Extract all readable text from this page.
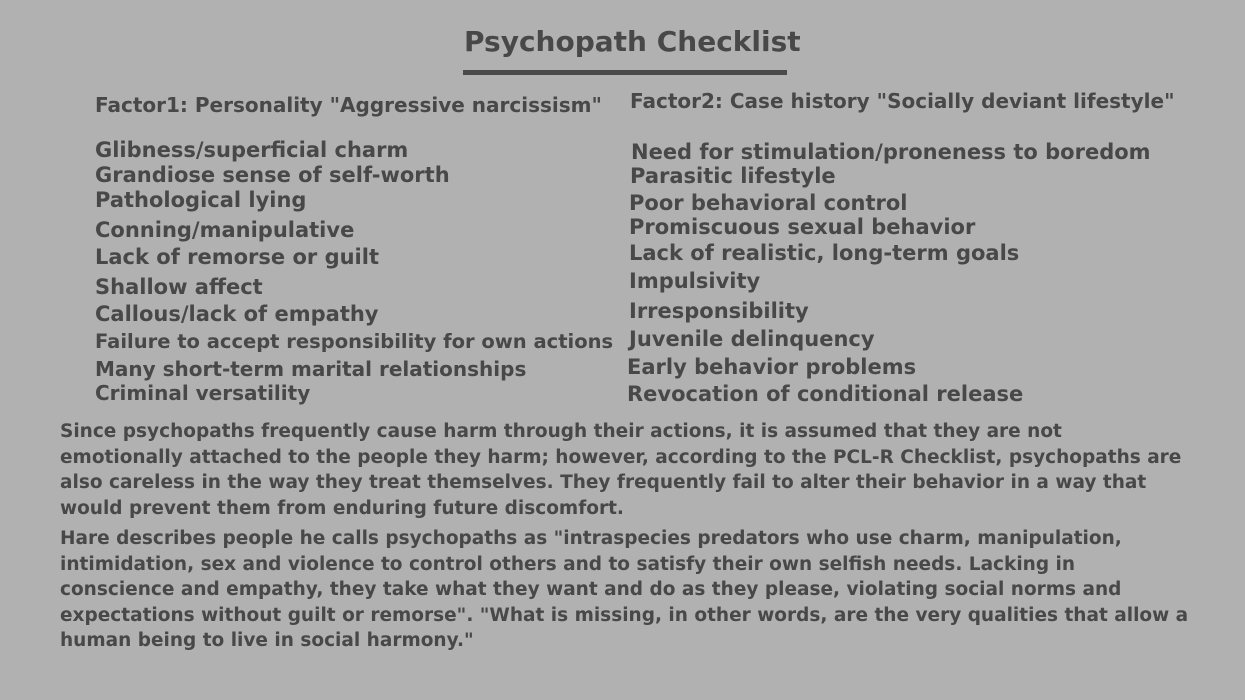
Psychopath Checklist
Factor1: Personality "Aggressive narcissism" Factor2: Case history "Socially deviant lifestyle"
Glibness/superficial charm
Grandiose sense of self-worth
Pathological lying
Conning/manipulative
Lack of remorse or guilt
Shallow affect
Callous/lack of empathy
Failure to accept responsibility for own actions
Many short-term marital relationships
Criminal versatility
Need for stimulation/proneness to boredom
Parasitic lifestyle
Poor behavioral control
Promiscuous sexual behavior
Lack of realistic, long-term goals
Impulsivity
Irresponsibility
Juvenile delinquency
Early behavior problems
Revocation of conditional release

Since psychopaths frequently cause harm through their actions, it is assumed that they are not emotionally attached to the people they harm; however, according to the PCL-R Checklist, psychopaths are also careless in the way they treat themselves. They frequently fail to alter their behavior in a way that would prevent them from enduring future discomfort.

Hare describes people he calls psychopaths as "intraspecies predators who use charm, manipulation, intimidation, sex and violence to control others and to satisfy their own selfish needs. Lacking in conscience and empathy, they take what they want and do as they please, violating social norms and expectations without guilt or remorse". "What is missing, in other words, are the very qualities that allow a human being to live in social harmony."
